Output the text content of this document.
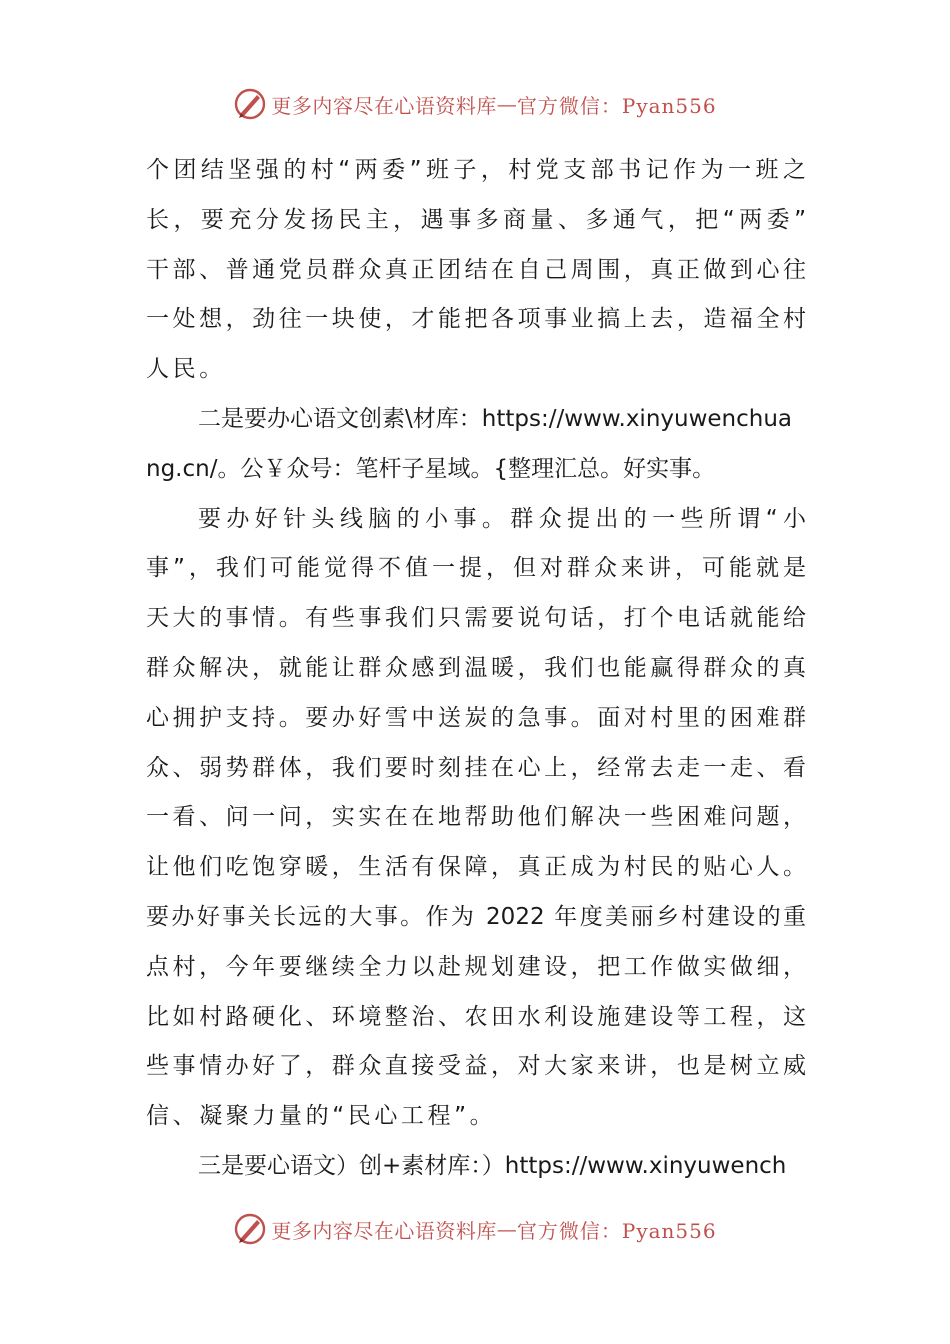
更多内容尽在心语资料库 — 官方微信：Pyan556
个团结坚强的村“两委”班子，村党支部书记作为一班之
长，要充分发扬民主，遇事多商量、多通气，把“两委”
干部、普通党员群众真正团结在自己周围，真正做到心往
一处想，劲往一块使，才能把各项事业搞上去，造福全村
人民。
二是要办心语文创素\材库：https://www.xinyuwenchua
ng.cn/。公￥众号：笔杆子星域。{整理汇总。好实事。
要办好针头线脑的小事。群众提出的一些所谓“小
事”，我们可能觉得不值一提，但对群众来讲，可能就是
天大的事情。有些事我们只需要说句话，打个电话就能给
群众解决，就能让群众感到温暖，我们也能赢得群众的真
心拥护支持。要办好雪中送炭的急事。面对村里的困难群
众、弱势群体，我们要时刻挂在心上，经常去走一走、看
一看、问一问，实实在在地帮助他们解决一些困难问题，
让他们吃饱穿暖，生活有保障，真正成为村民的贴心人。
要办好事关长远的大事。作为 2022 年度美丽乡村建设的重
点村，今年要继续全力以赴规划建设，把工作做实做细，
比如村路硬化、环境整治、农田水利设施建设等工程，这
些事情办好了，群众直接受益，对大家来讲，也是树立威
信、凝聚力量的“民心工程”。
三是要心语文）创+素材库：）https://www.xinyuwench
更多内容尽在心语资料库 — 官方微信：Pyan556
